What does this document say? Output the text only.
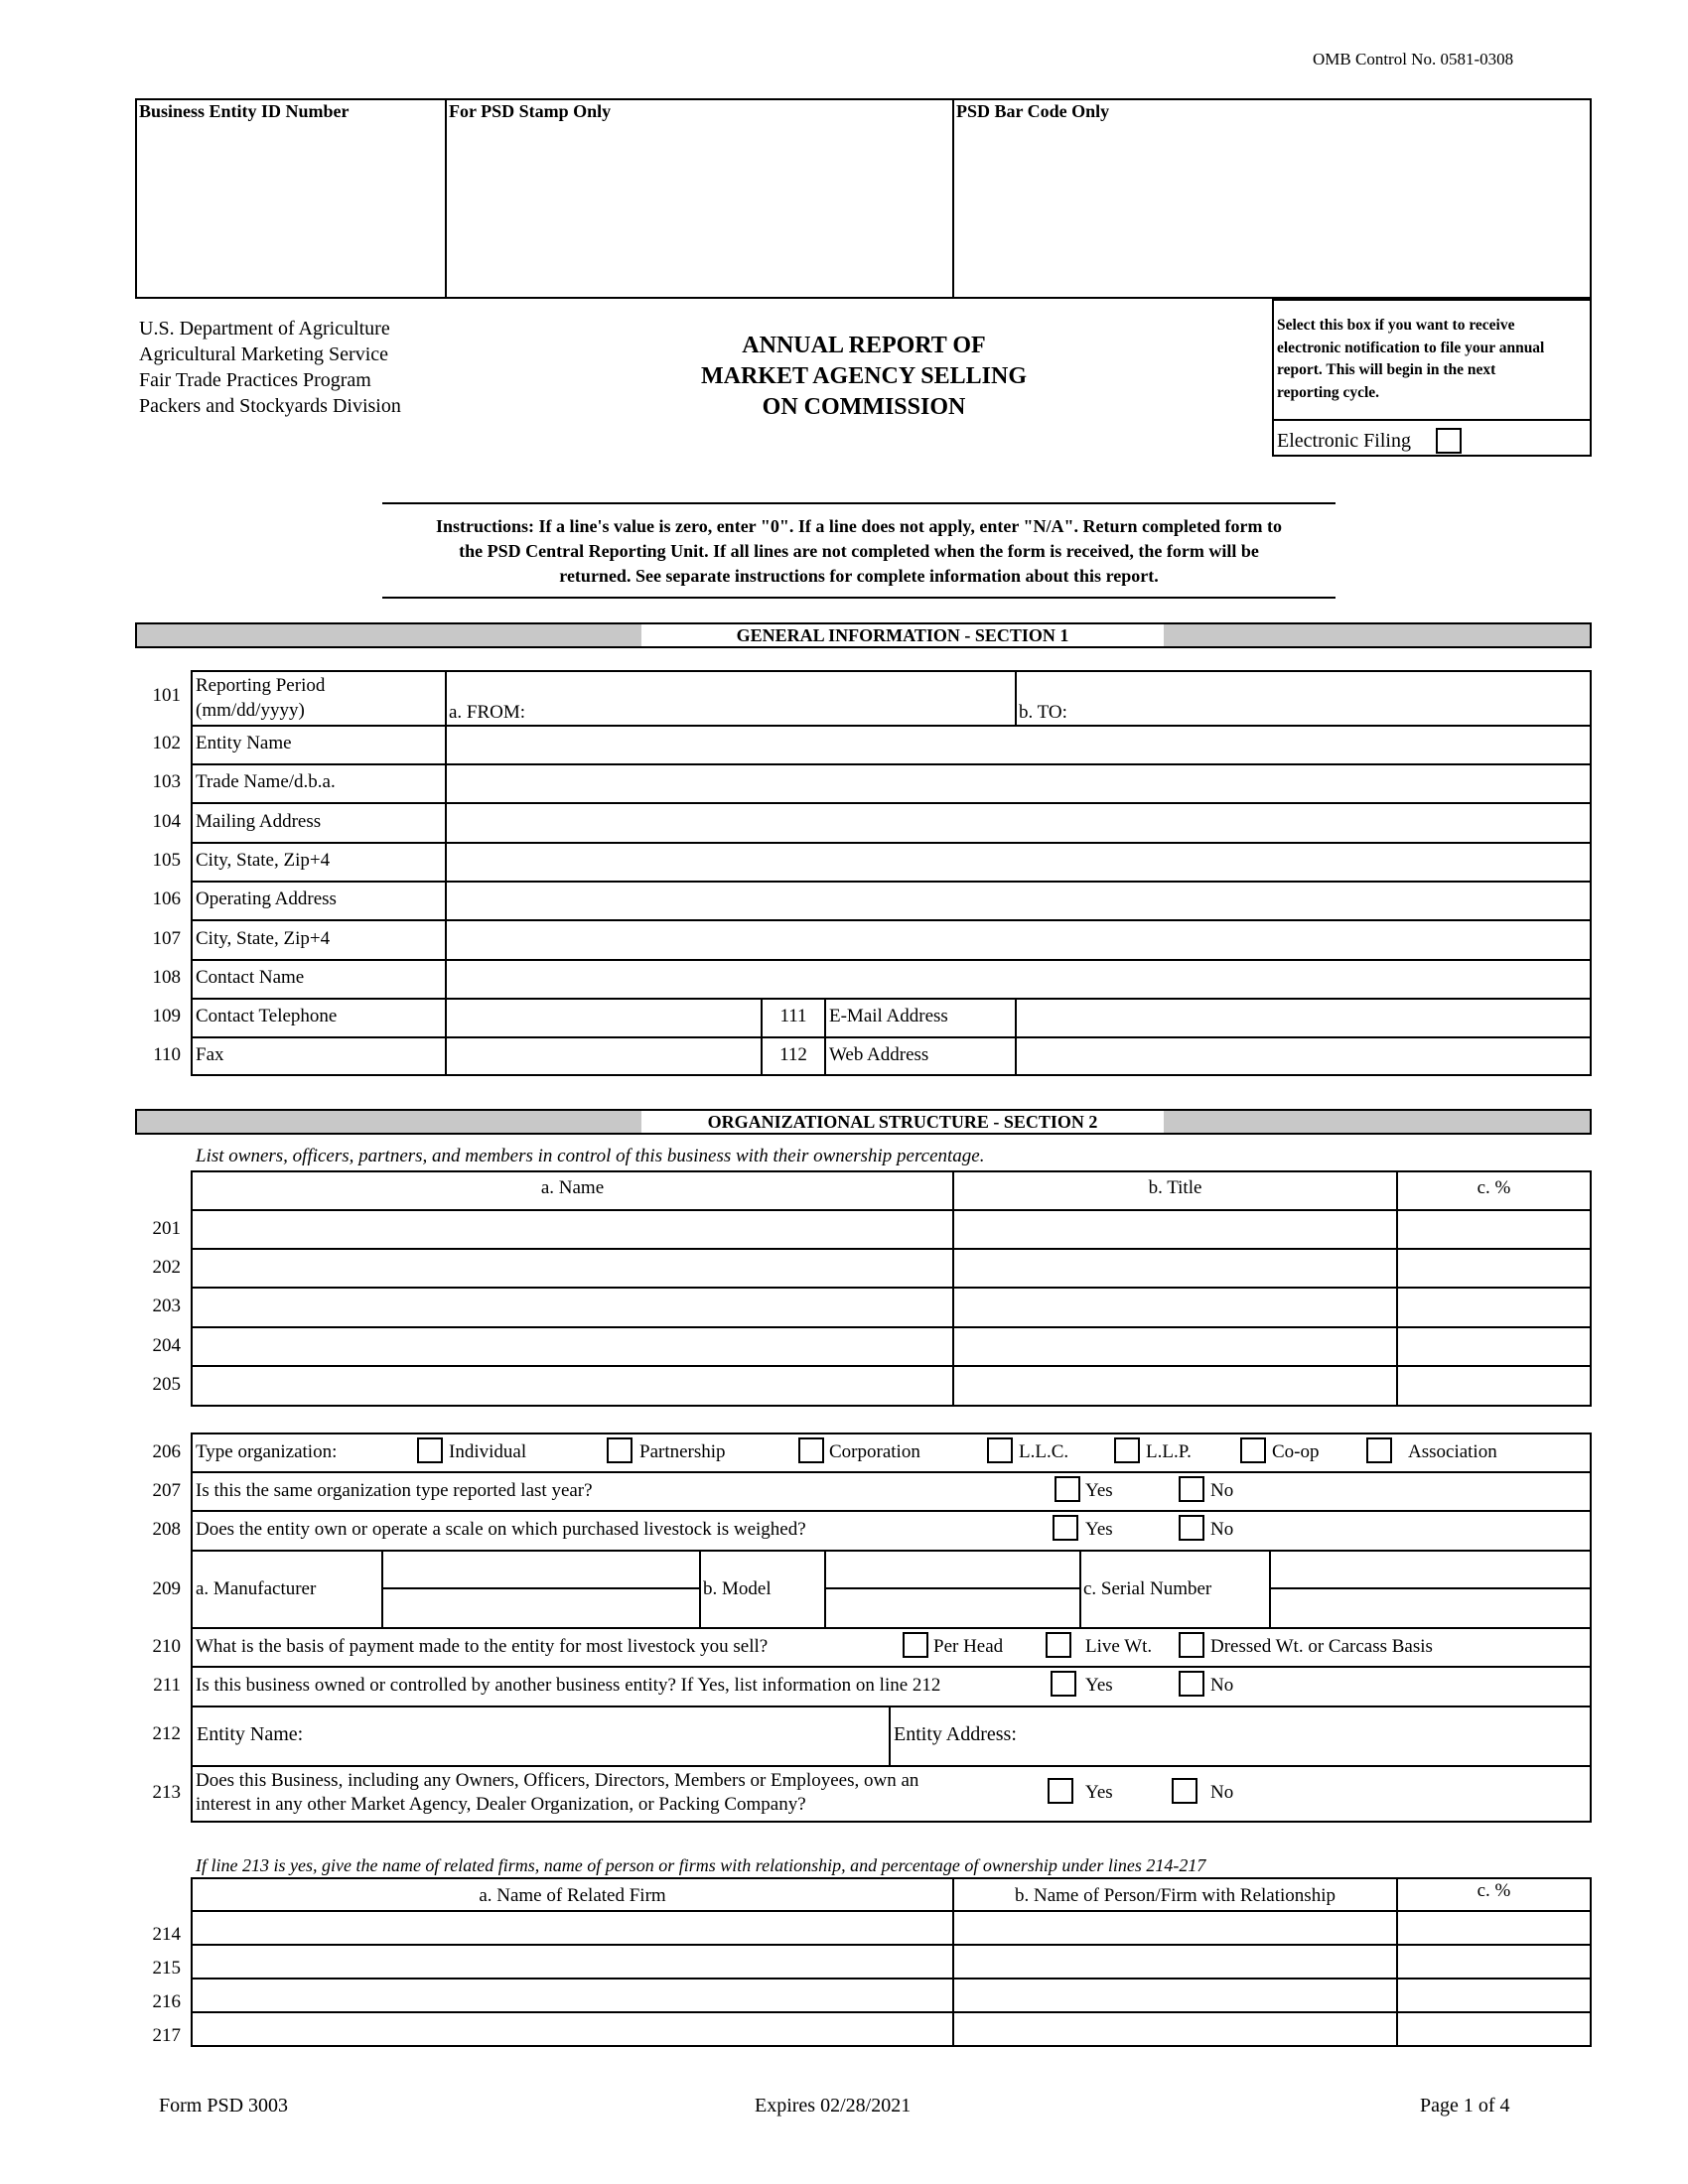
OMB Control No. 0581-0308
Business Entity ID Number	For PSD Stamp Only	PSD Bar Code Only
U.S. Department of Agriculture
Agricultural Marketing Service
Fair Trade Practices Program
Packers and Stockyards Division
ANNUAL REPORT OF
MARKET AGENCY SELLING
ON COMMISSION
Select this box if you want to receive
electronic notification to file your annual
report. This will begin in the next
reporting cycle.
Electronic Filing
Instructions: If a line's value is zero, enter "0". If a line does not apply, enter "N/A". Return completed form to
the PSD Central Reporting Unit. If all lines are not completed when the form is received, the form will be
returned. See separate instructions for complete information about this report.
GENERAL INFORMATION - SECTION 1
101 Reporting Period
(mm/dd/yyyy)	a. FROM:	b. TO:
102 Entity Name
103 Trade Name/d.b.a.
104 Mailing Address
105 City, State, Zip+4
106 Operating Address
107 City, State, Zip+4
108 Contact Name
109 Contact Telephone	111	E-Mail Address
110 Fax	112	Web Address
ORGANIZATIONAL STRUCTURE - SECTION 2
List owners, officers, partners, and members in control of this business with their ownership percentage.
a. Name	b. Title	c. %
201
202
203
204
205
206 Type organization:	Individual	Partnership	Corporation	L.L.C.	L.L.P.	Co-op	Association
207 Is this the same organization type reported last year?	Yes	No
208 Does the entity own or operate a scale on which purchased livestock is weighed?	Yes	No
209 a. Manufacturer	b. Model	c. Serial Number
210 What is the basis of payment made to the entity for most livestock you sell?	Per Head	Live Wt.	Dressed Wt. or Carcass Basis
211 Is this business owned or controlled by another business entity? If Yes, list information on line 212	Yes	No
212 Entity Name:	Entity Address:
213
Does this Business, including any Owners, Officers, Directors, Members or Employees, own an
interest in any other Market Agency, Dealer Organization, or Packing Company?
Yes	No
If line 213 is yes, give the name of related firms, name of person or firms with relationship, and percentage of ownership under lines 214-217
a. Name of Related Firm	b. Name of Person/Firm with Relationship	c. %
214
215
216
217
Form PSD 3003	Expires 02/28/2021	Page 1 of 4
